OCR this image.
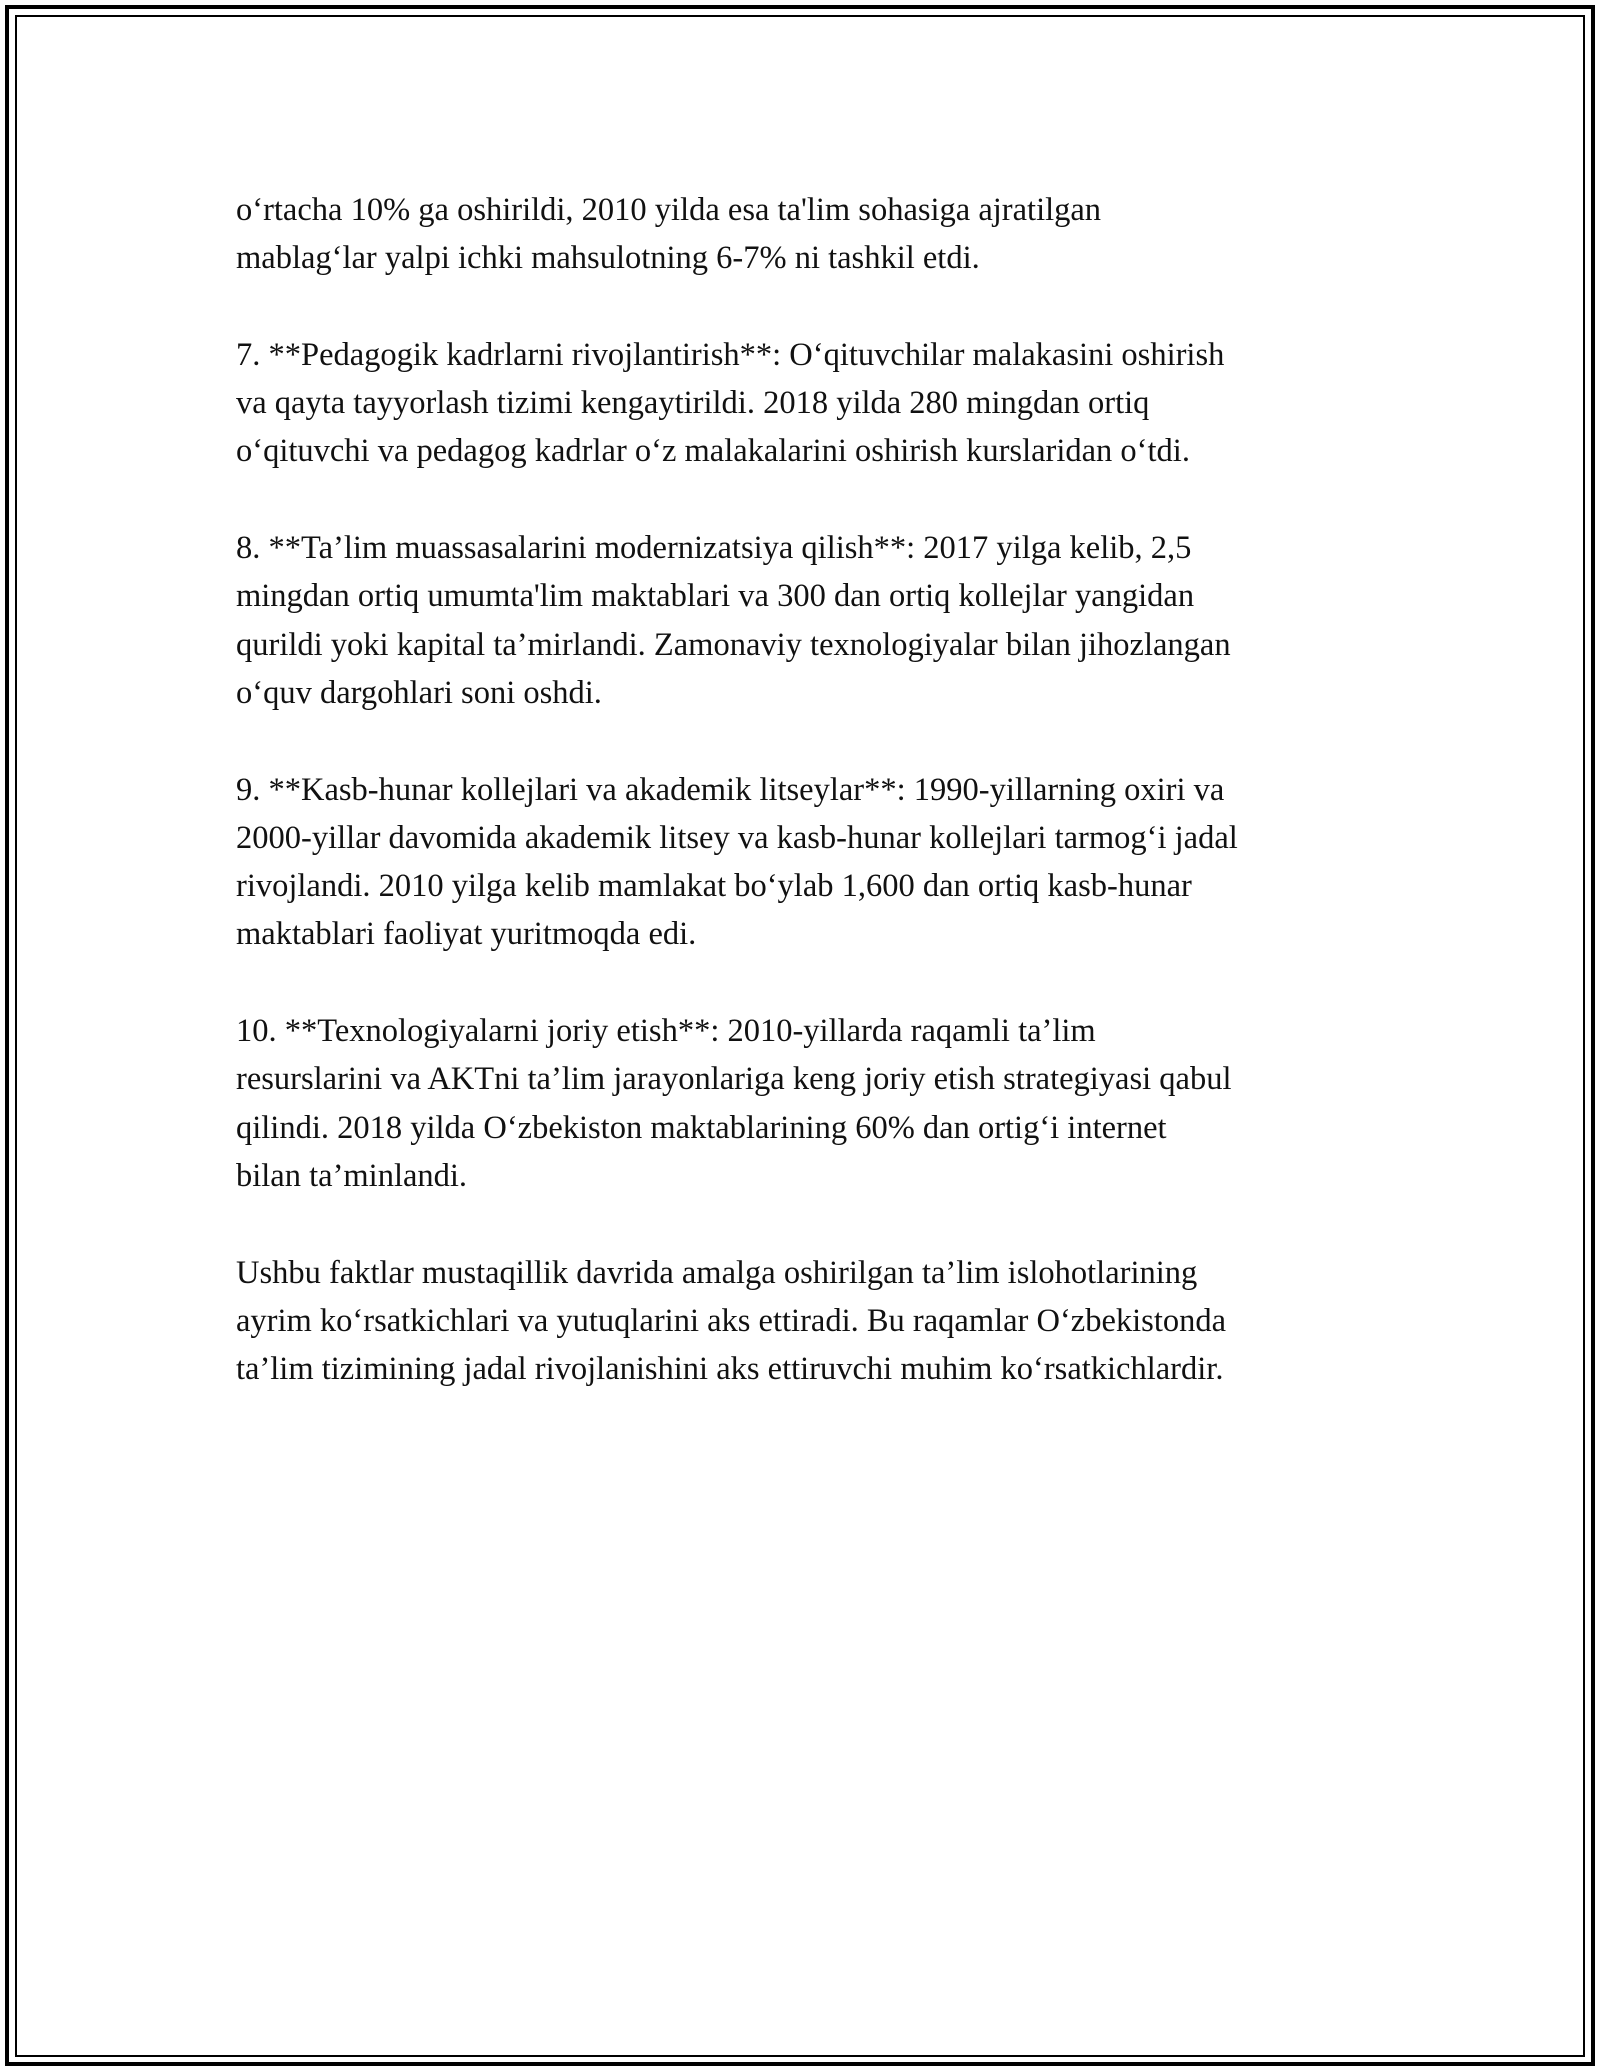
o‘rtacha 10% ga oshirildi, 2010 yilda esa ta'lim sohasiga ajratilgan
mablag‘lar yalpi ichki mahsulotning 6-7% ni tashkil etdi.

7. **Pedagogik kadrlarni rivojlantirish**: O‘qituvchilar malakasini oshirish
va qayta tayyorlash tizimi kengaytirildi. 2018 yilda 280 mingdan ortiq
o‘qituvchi va pedagog kadrlar o‘z malakalarini oshirish kurslaridan o‘tdi.

8. **Ta’lim muassasalarini modernizatsiya qilish**: 2017 yilga kelib, 2,5
mingdan ortiq umumta'lim maktablari va 300 dan ortiq kollejlar yangidan
qurildi yoki kapital ta’mirlandi. Zamonaviy texnologiyalar bilan jihozlangan
o‘quv dargohlari soni oshdi.

9. **Kasb-hunar kollejlari va akademik litseylar**: 1990-yillarning oxiri va
2000-yillar davomida akademik litsey va kasb-hunar kollejlari tarmog‘i jadal
rivojlandi. 2010 yilga kelib mamlakat bo‘ylab 1,600 dan ortiq kasb-hunar
maktablari faoliyat yuritmoqda edi.

10. **Texnologiyalarni joriy etish**: 2010-yillarda raqamli ta’lim
resurslarini va AKTni ta’lim jarayonlariga keng joriy etish strategiyasi qabul
qilindi. 2018 yilda O‘zbekiston maktablarining 60% dan ortig‘i internet
bilan ta’minlandi.

Ushbu faktlar mustaqillik davrida amalga oshirilgan ta’lim islohotlarining
ayrim ko‘rsatkichlari va yutuqlarini aks ettiradi. Bu raqamlar O‘zbekistonda
ta’lim tizimining jadal rivojlanishini aks ettiruvchi muhim ko‘rsatkichlardir.
